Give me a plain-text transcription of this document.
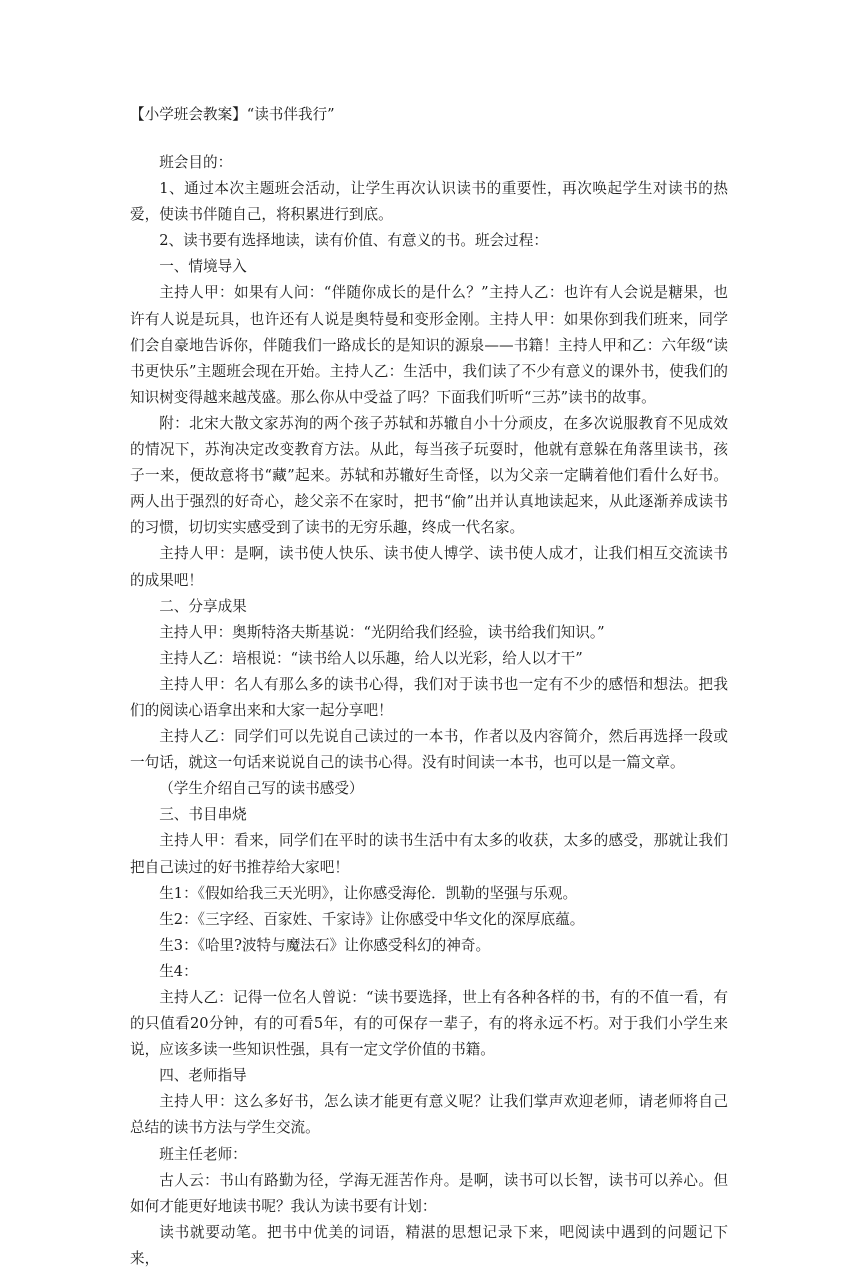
【小学班会教案】“读书伴我行”

班会目的：

1、通过本次主题班会活动，让学生再次认识读书的重要性，再次唤起学生对读书的热爱，使读书伴随自己，将积累进行到底。

2、读书要有选择地读，读有价值、有意义的书。班会过程：

一、情境导入

主持人甲：如果有人问：“伴随你成长的是什么？”主持人乙：也许有人会说是糖果，也许有人说是玩具，也许还有人说是奥特曼和变形金刚。主持人甲：如果你到我们班来，同学们会自豪地告诉你，伴随我们一路成长的是知识的源泉——书籍！主持人甲和乙：六年级“读书更快乐”主题班会现在开始。主持人乙：生活中，我们读了不少有意义的课外书，使我们的知识树变得越来越茂盛。那么你从中受益了吗？下面我们听听“三苏”读书的故事。

附：北宋大散文家苏洵的两个孩子苏轼和苏辙自小十分顽皮，在多次说服教育不见成效的情况下，苏洵决定改变教育方法。从此，每当孩子玩耍时，他就有意躲在角落里读书，孩子一来，便故意将书“藏”起来。苏轼和苏辙好生奇怪，以为父亲一定瞒着他们看什么好书。两人出于强烈的好奇心，趁父亲不在家时，把书“偷”出并认真地读起来，从此逐渐养成读书的习惯，切切实实感受到了读书的无穷乐趣，终成一代名家。

主持人甲：是啊，读书使人快乐、读书使人博学、读书使人成才，让我们相互交流读书的成果吧！

二、分享成果

主持人甲：奥斯特洛夫斯基说：“光阴给我们经验，读书给我们知识。”

主持人乙：培根说：“读书给人以乐趣，给人以光彩，给人以才干”

主持人甲：名人有那么多的读书心得，我们对于读书也一定有不少的感悟和想法。把我们的阅读心语拿出来和大家一起分享吧！

主持人乙：同学们可以先说自己读过的一本书，作者以及内容简介，然后再选择一段或一句话，就这一句话来说说自己的读书心得。没有时间读一本书，也可以是一篇文章。

（学生介绍自己写的读书感受）

三、书目串烧

主持人甲：看来，同学们在平时的读书生活中有太多的收获，太多的感受，那就让我们把自己读过的好书推荐给大家吧！

生1：《假如给我三天光明》，让你感受海伦．凯勒的坚强与乐观。

生2：《三字经、百家姓、千家诗》让你感受中华文化的深厚底蕴。

生3：《哈里?波特与魔法石》让你感受科幻的神奇。

生4：

主持人乙：记得一位名人曾说：“读书要选择，世上有各种各样的书，有的不值一看，有的只值看20分钟，有的可看5年，有的可保存一辈子，有的将永远不朽。对于我们小学生来说，应该多读一些知识性强，具有一定文学价值的书籍。

四、老师指导

主持人甲：这么多好书，怎么读才能更有意义呢？让我们掌声欢迎老师，请老师将自己总结的读书方法与学生交流。

班主任老师：

古人云：书山有路勤为径，学海无涯苦作舟。是啊，读书可以长智，读书可以养心。但如何才能更好地读书呢？我认为读书要有计划：

读书就要动笔。把书中优美的词语，精湛的思想记录下来，吧阅读中遇到的问题记下来，
